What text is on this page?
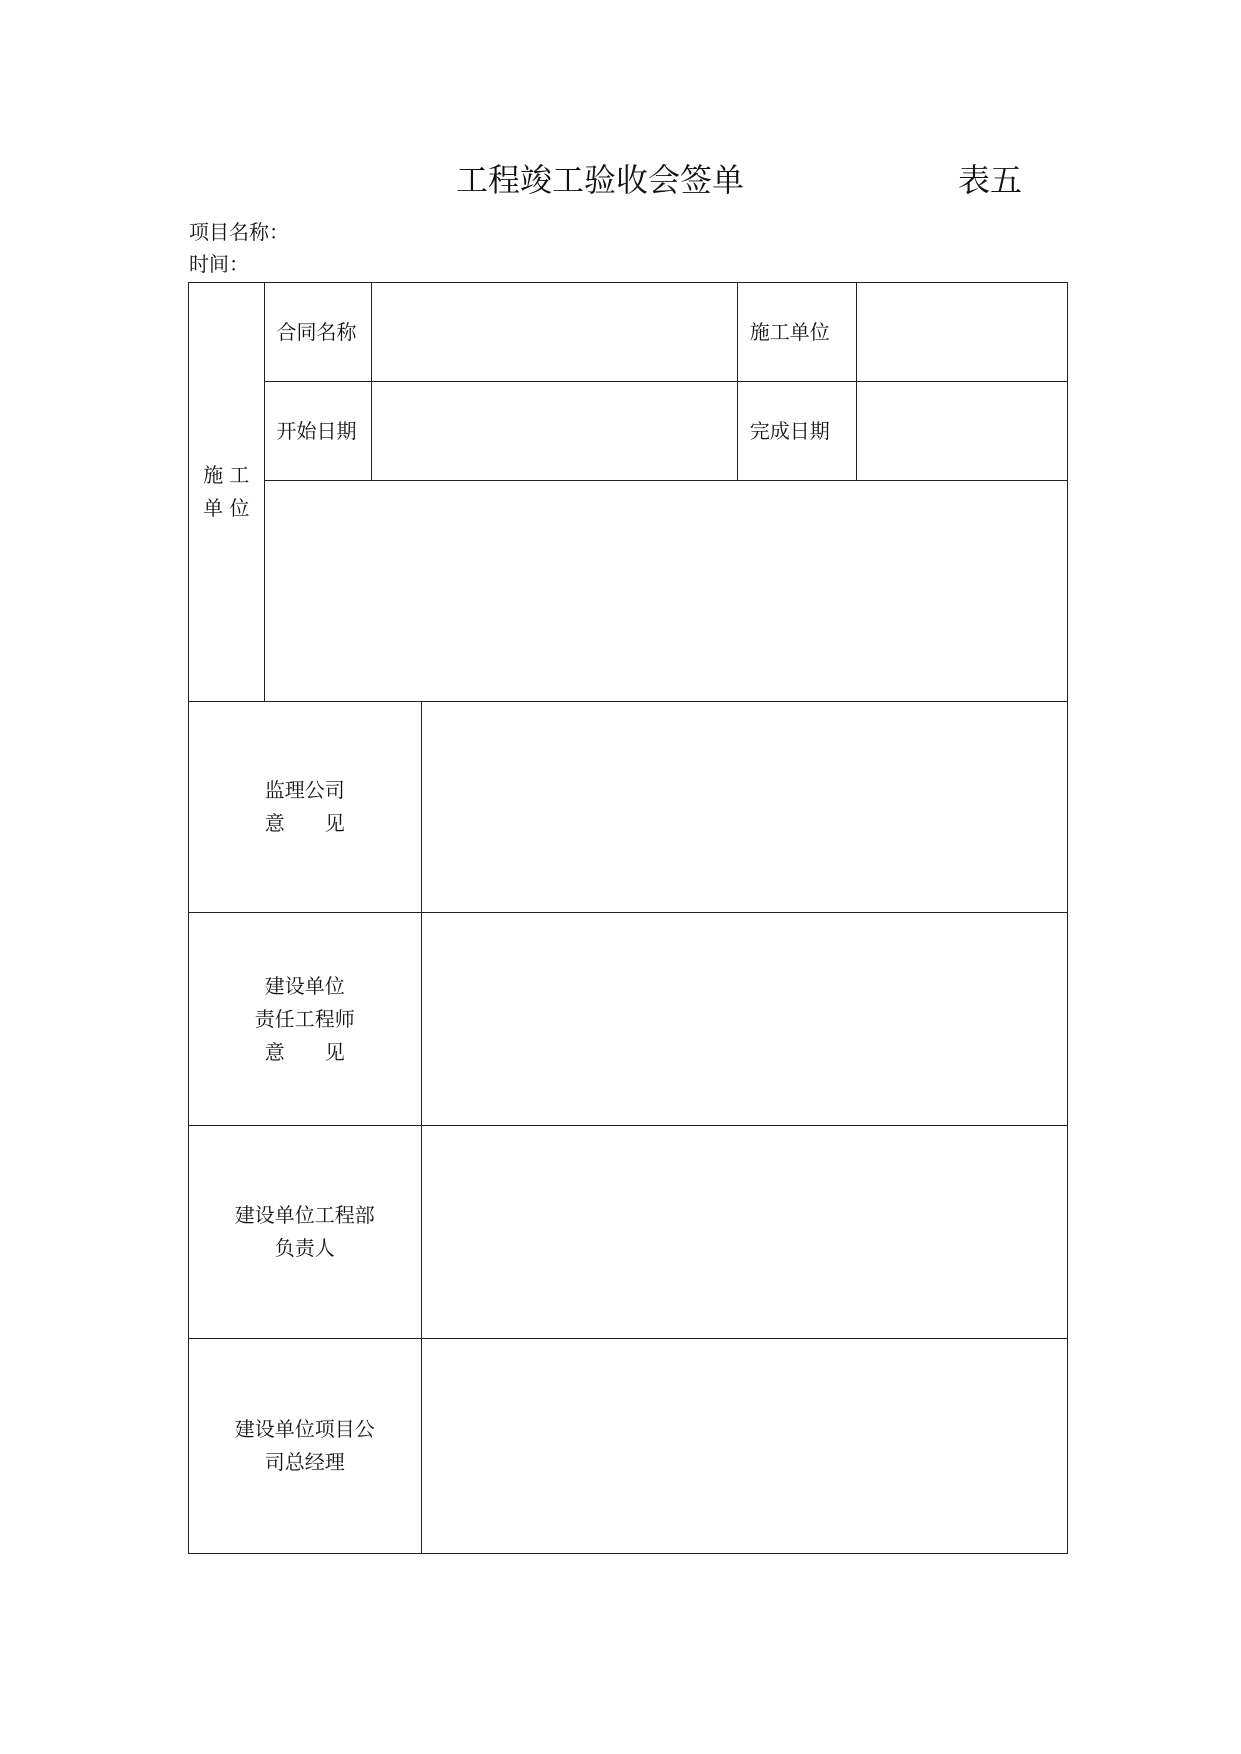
工程竣工验收会签单	表五
项目名称：
时间：
施 工
单 位	合同名称			施工单位	
	开始日期			完成日期	

监理公司
意　　见					

建设单位
责任工程师
意　　见					

建设单位工程部
负责人					

建设单位项目公
司总经理					
